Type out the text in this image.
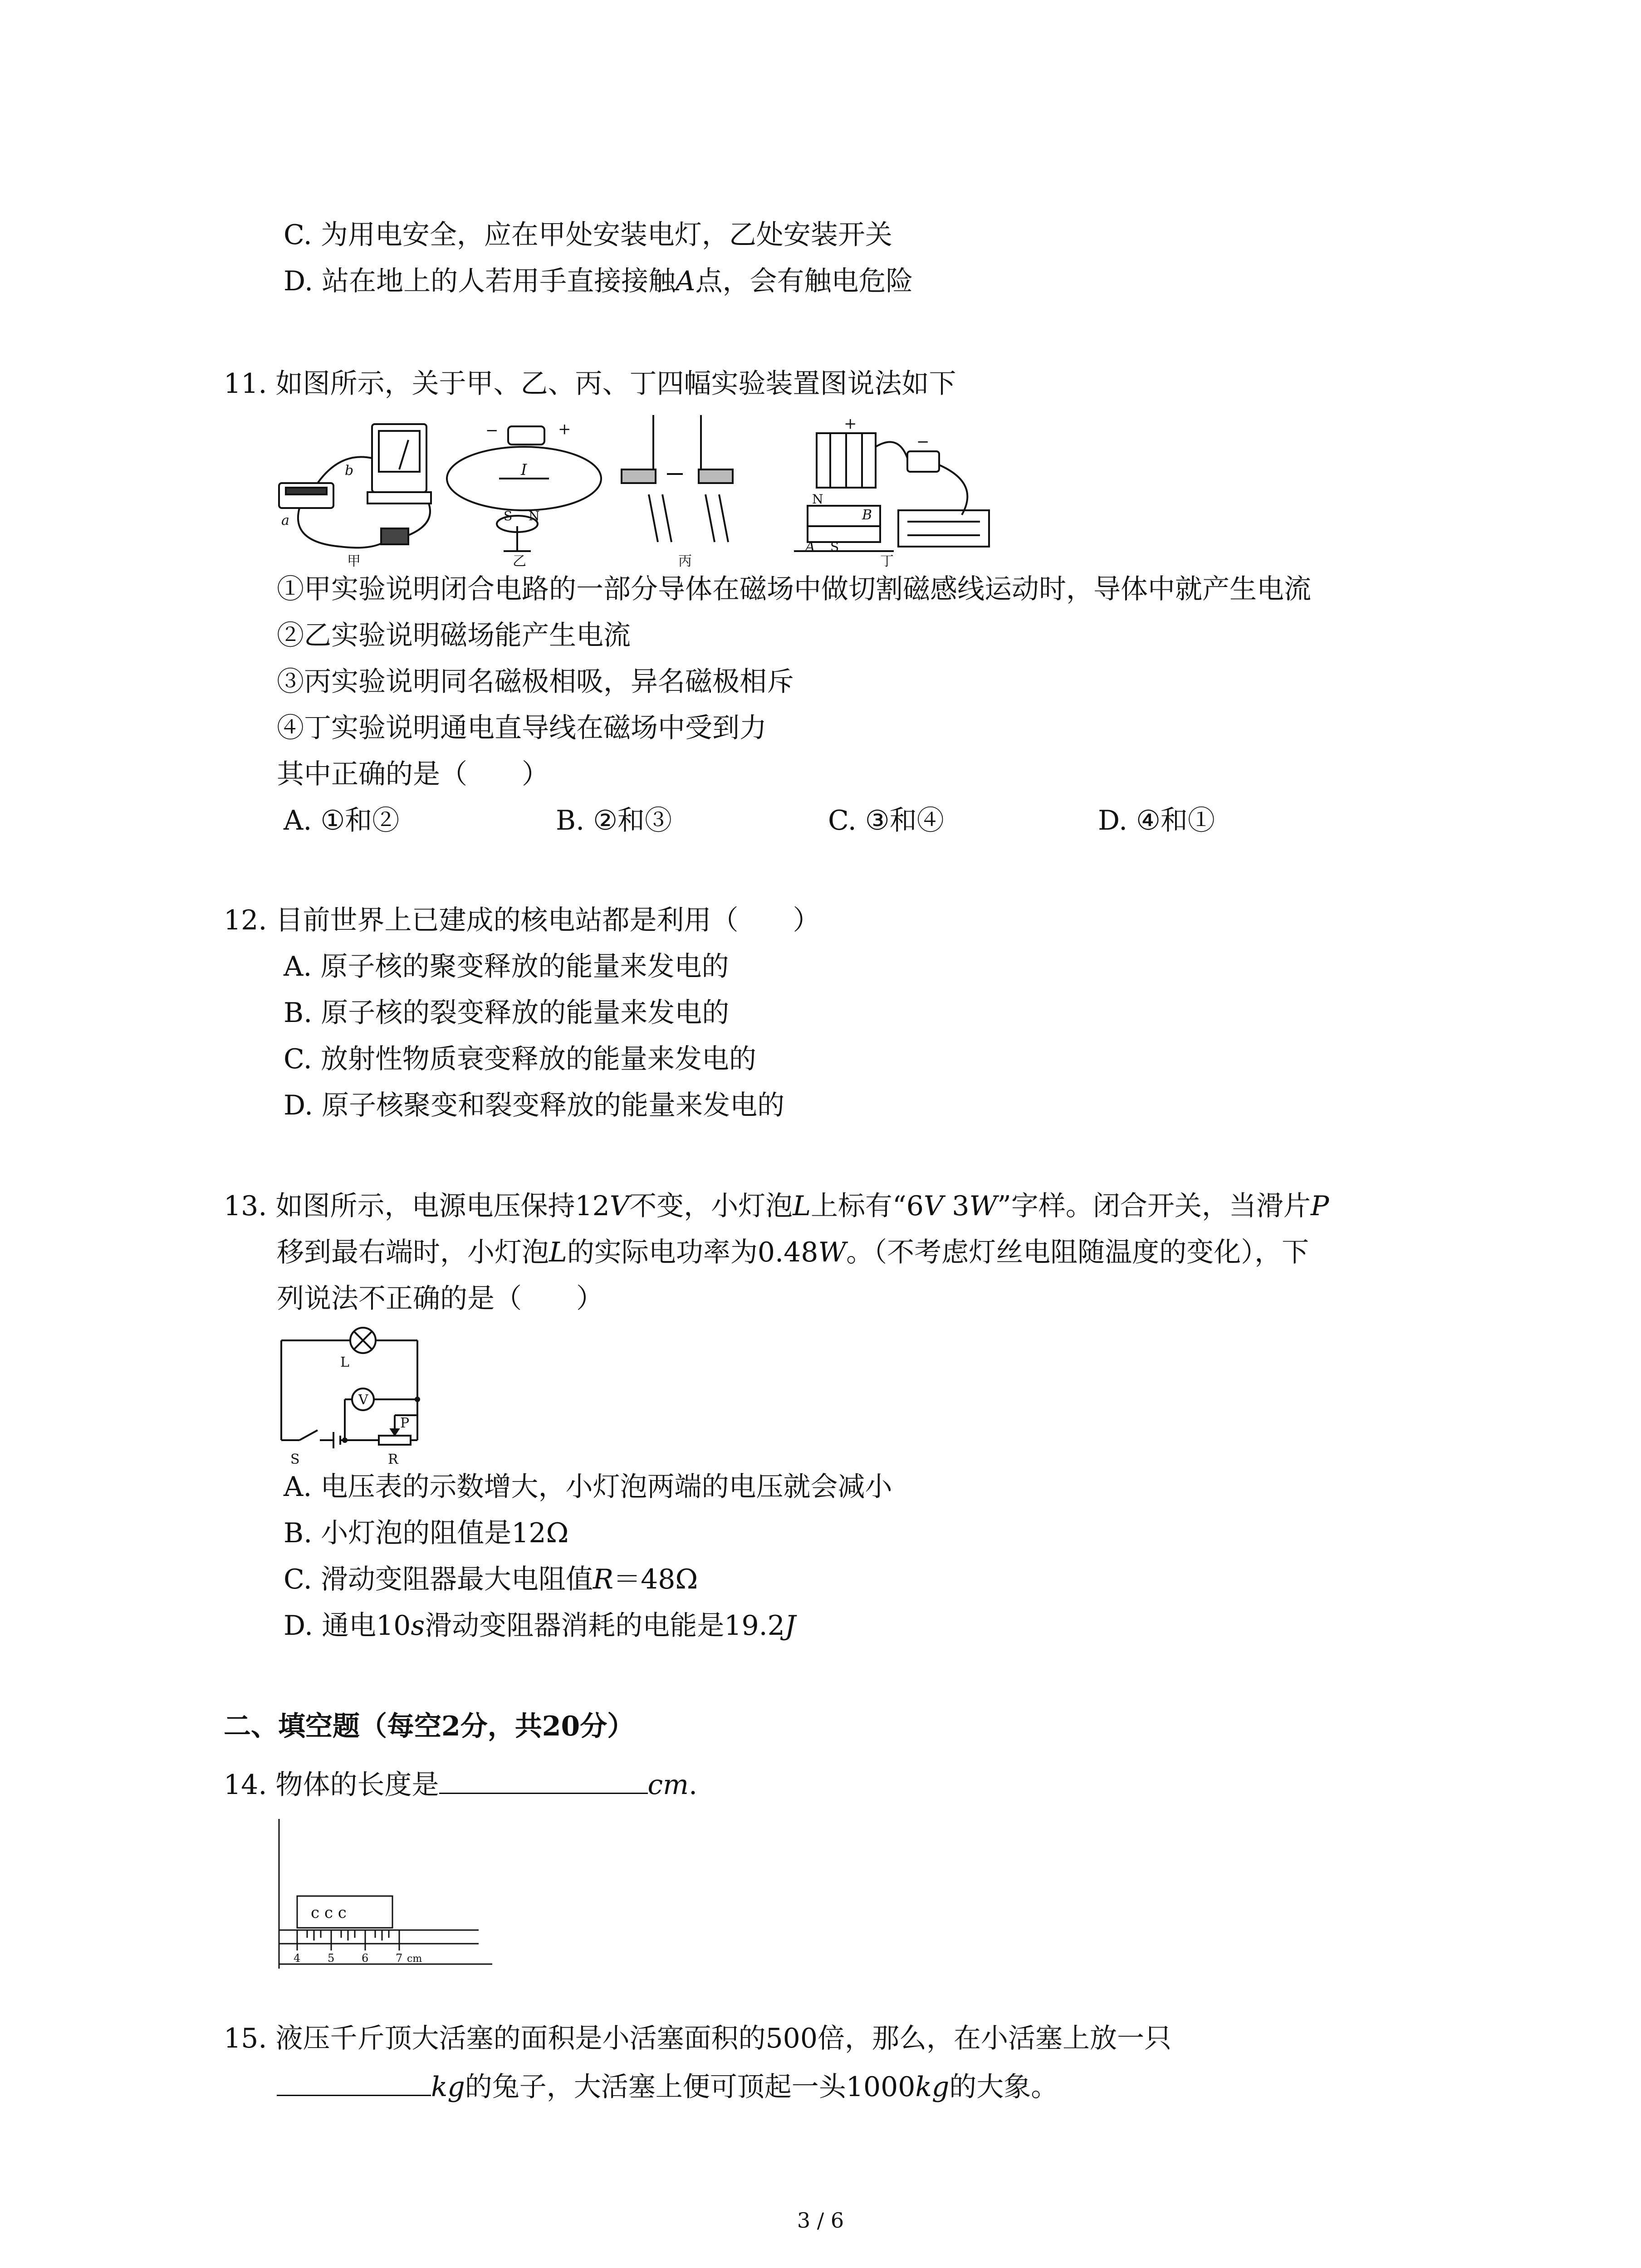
C. 为用电安全，应在甲处安装电灯，乙处安装开关
D. 站在地上的人若用手直接接触A点，会有触电危险
11. 如图所示，关于甲、乙、丙、丁四幅实验装置图说法如下
a
b
甲
−	+
I
S N
乙	丙
+
−
N
A S
B
丁
①甲实验说明闭合电路的一部分导体在磁场中做切割磁感线运动时，导体中就产生电流
②乙实验说明磁场能产生电流
③丙实验说明同名磁极相吸，异名磁极相斥
④丁实验说明通电直导线在磁场中受到力
其中正确的是（　　）
A. ①和②	B. ②和③	C. ③和④	D. ④和①
12. 目前世界上已建成的核电站都是利用（　　）
A. 原子核的聚变释放的能量来发电的
B. 原子核的裂变释放的能量来发电的
C. 放射性物质衰变释放的能量来发电的
D. 原子核聚变和裂变释放的能量来发电的
13. 如图所示，电源电压保持12V不变，小灯泡L上标有“6V 3W”字样。闭合开关，当滑片P
移到最右端时，小灯泡L的实际电功率为0.48W。（不考虑灯丝电阻随温度的变化），下
列说法不正确的是（　　）
L
V
S
P
R
A. 电压表的示数增大，小灯泡两端的电压就会减小
B. 小灯泡的阻值是12Ω
C. 滑动变阻器最大电阻值R＝48Ω
D. 通电10s滑动变阻器消耗的电能是19.2J
二、填空题（每空2分，共20分）
14. 物体的长度是	cm.
c c c
4 5 6 7 cm
15. 液压千斤顶大活塞的面积是小活塞面积的500倍，那么，在小活塞上放一只
kg的兔子，大活塞上便可顶起一头1000kg的大象。
3 / 6
